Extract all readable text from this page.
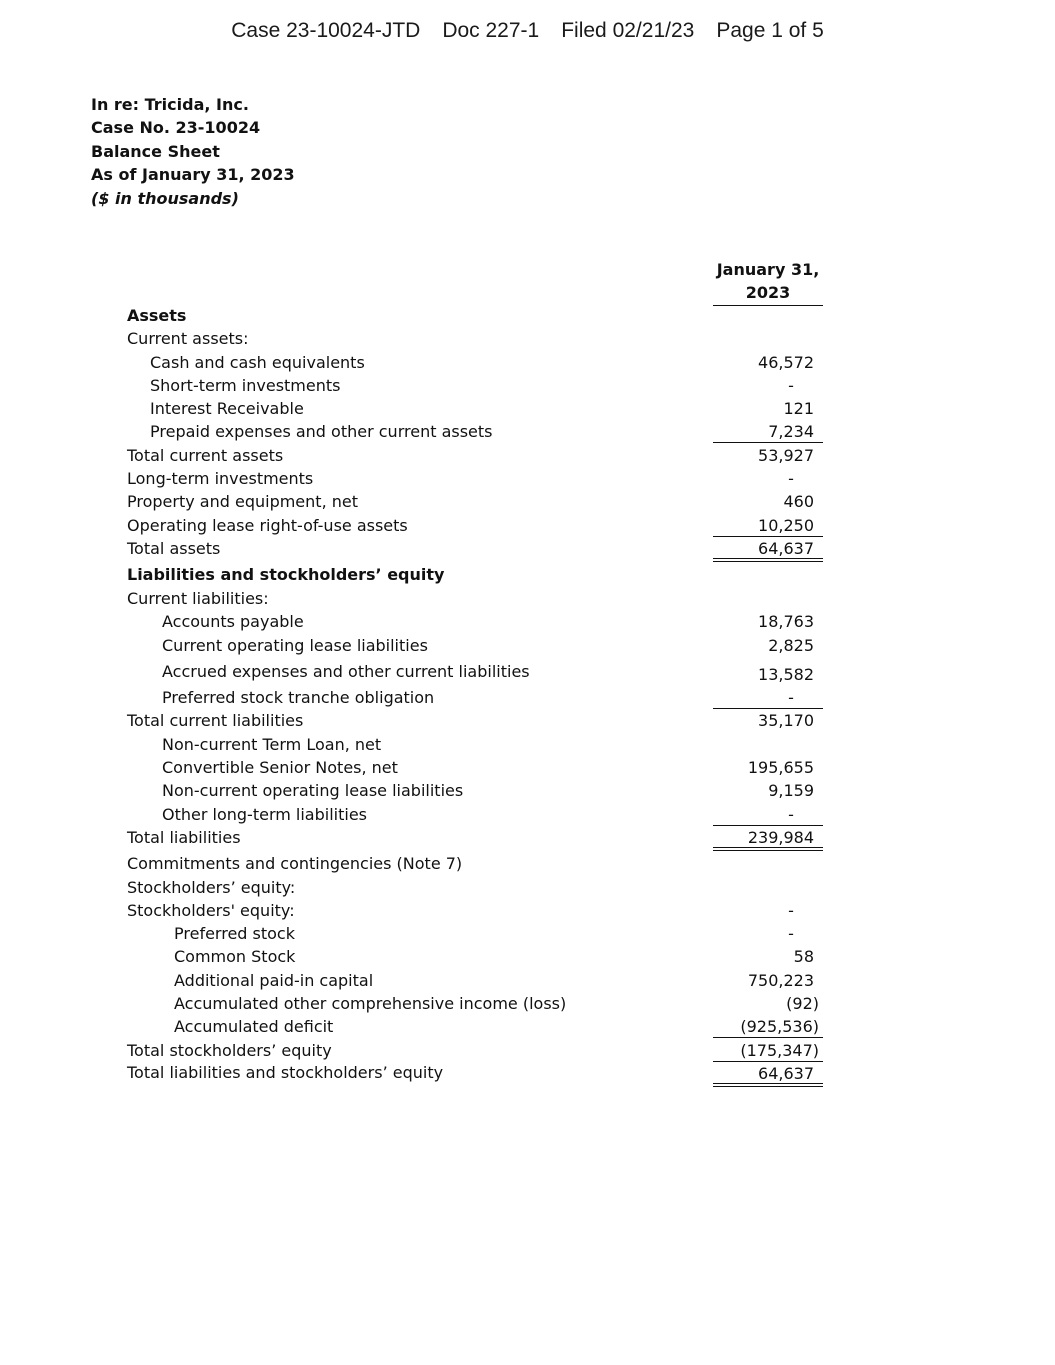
Case 23-10024-JTD Doc 227-1 Filed 02/21/23 Page 1 of 5
In re: Tricida, Inc.
Case No. 23-10024
Balance Sheet
As of January 31, 2023
($ in thousands)
January 31,
2023
Assets
Current assets:
Cash and cash equivalents	46,572
Short-term investments	-
Interest Receivable	121
Prepaid expenses and other current assets	7,234
Total current assets	53,927
Long-term investments	-
Property and equipment, net	460
Operating lease right-of-use assets	10,250
Total assets	64,637
Liabilities and stockholders’ equity
Current liabilities:
Accounts payable	18,763
Current operating lease liabilities	2,825
Accrued expenses and other current liabilities	13,582
Preferred stock tranche obligation	-
Total current liabilities	35,170
Non-current Term Loan, net
Convertible Senior Notes, net	195,655
Non-current operating lease liabilities	9,159
Other long-term liabilities	-
Total liabilities	239,984
Commitments and contingencies (Note 7)
Stockholders’ equity:
Stockholders' equity:	-
Preferred stock	-
Common Stock	58
Additional paid-in capital	750,223
Accumulated other comprehensive income (loss)	(92)
Accumulated deficit	(925,536)
Total stockholders’ equity	(175,347)
Total liabilities and stockholders’ equity	64,637
